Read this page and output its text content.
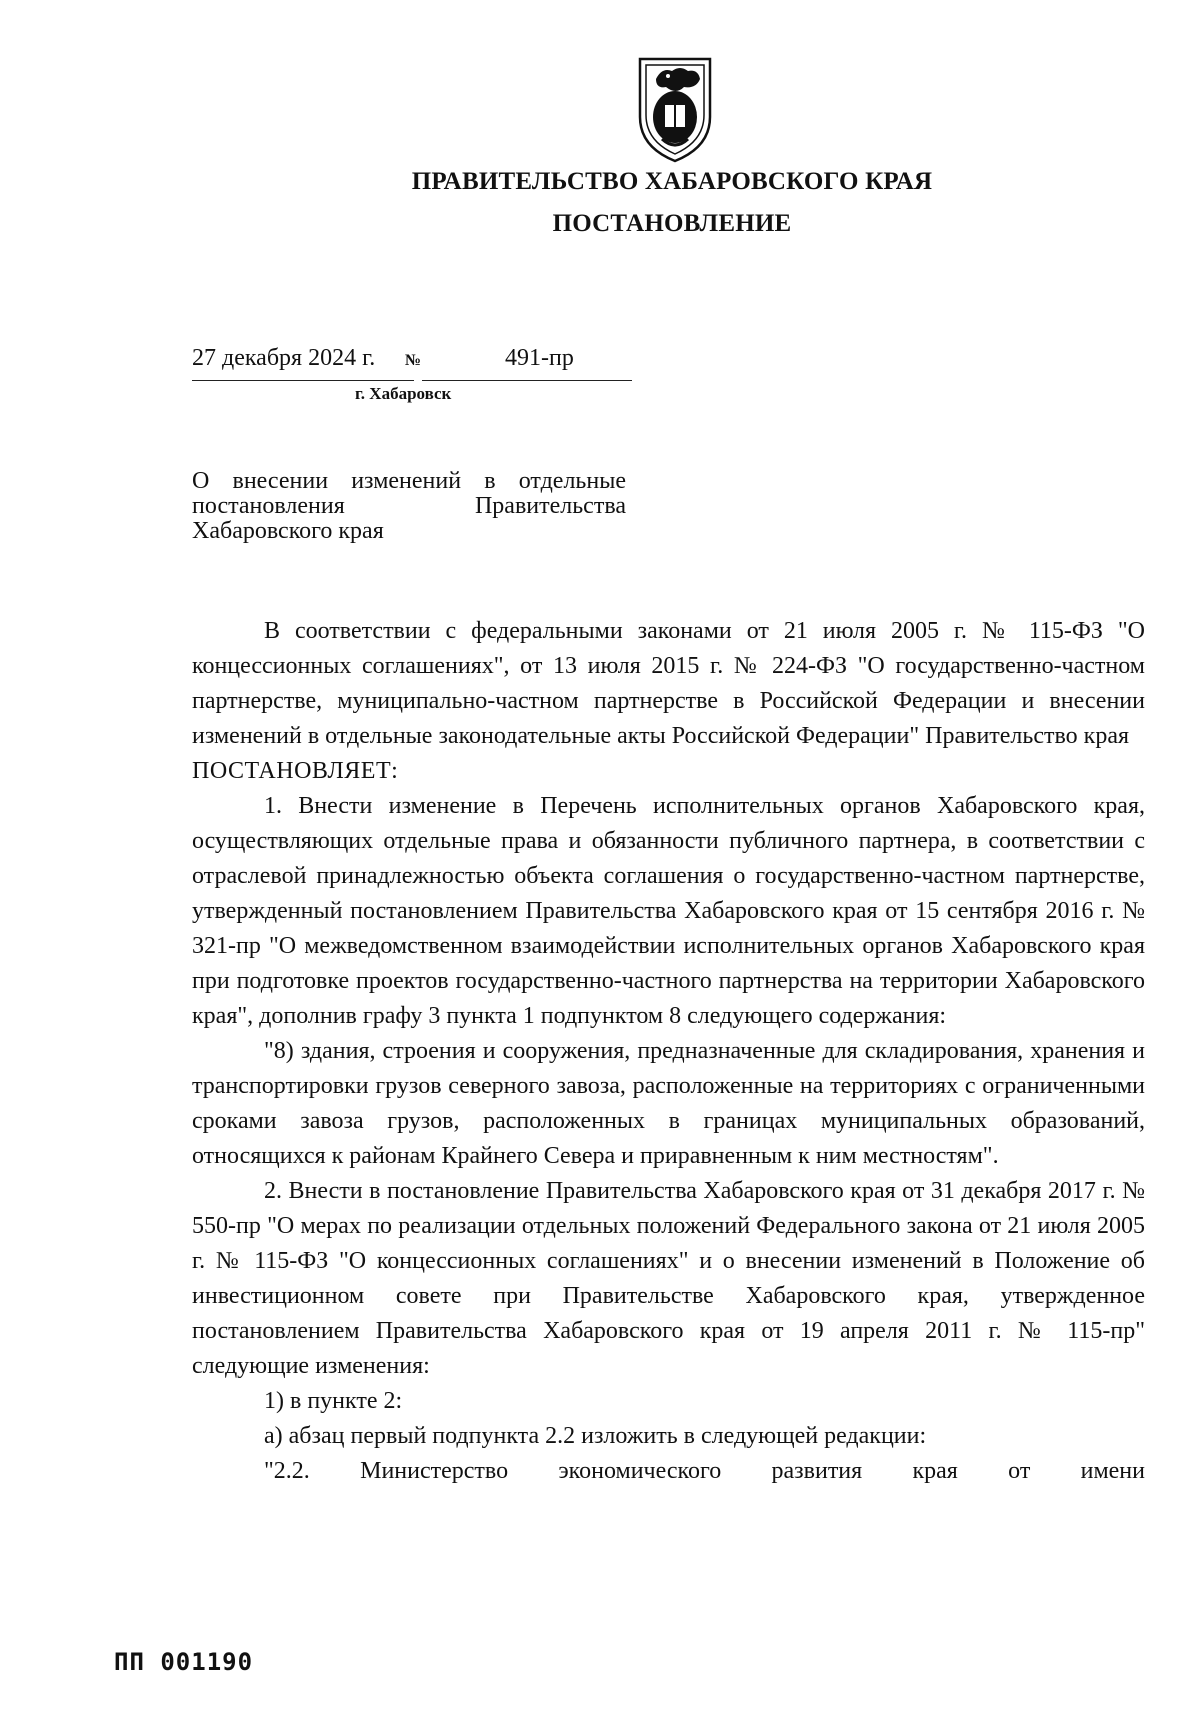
ПРАВИТЕЛЬСТВО ХАБАРОВСКОГО КРАЯ
ПОСТАНОВЛЕНИЕ
27 декабря 2024 г. №	491-пр
г. Хабаровск
О внесении изменений в отдельные
постановления Правительства
Хабаровского края

В соответствии с федеральными законами от 21 июля 2005 г. № 115-ФЗ "О концессионных соглашениях", от 13 июля 2015 г. № 224-ФЗ "О государственно-частном партнерстве, муниципально-частном партнерстве в Российской Федерации и внесении изменений в отдельные законодательные акты Российской Федерации" Правительство края

ПОСТАНОВЛЯЕТ:

1. Внести изменение в Перечень исполнительных органов Хабаровского края, осуществляющих отдельные права и обязанности публичного партнера, в соответствии с отраслевой принадлежностью объекта соглашения о государственно-частном партнерстве, утвержденный постановлением Правительства Хабаровского края от 15 сентября 2016 г. № 321-пр "О межведомственном взаимодействии исполнительных органов Хабаровского края при подготовке проектов государственно-частного партнерства на территории Хабаровского края", дополнив графу 3 пункта 1 подпунктом 8 следующего содержания:

"8) здания, строения и сооружения, предназначенные для складирования, хранения и транспортировки грузов северного завоза, расположенные на территориях с ограниченными сроками завоза грузов, расположенных в границах муниципальных образований, относящихся к районам Крайнего Севера и приравненным к ним местностям".

2. Внести в постановление Правительства Хабаровского края от 31 декабря 2017 г. № 550-пр "О мерах по реализации отдельных положений Федерального закона от 21 июля 2005 г. № 115-ФЗ "О концессионных соглашениях" и о внесении изменений в Положение об инвестиционном совете при Правительстве Хабаровского края, утвержденное постановлением Правительства Хабаровского края от 19 апреля 2011 г. № 115-пр" следующие изменения:

1) в пункте 2:

а) абзац первый подпункта 2.2 изложить в следующей редакции:

"2.2. Министерство экономического развития края от имени

ПП 001190
